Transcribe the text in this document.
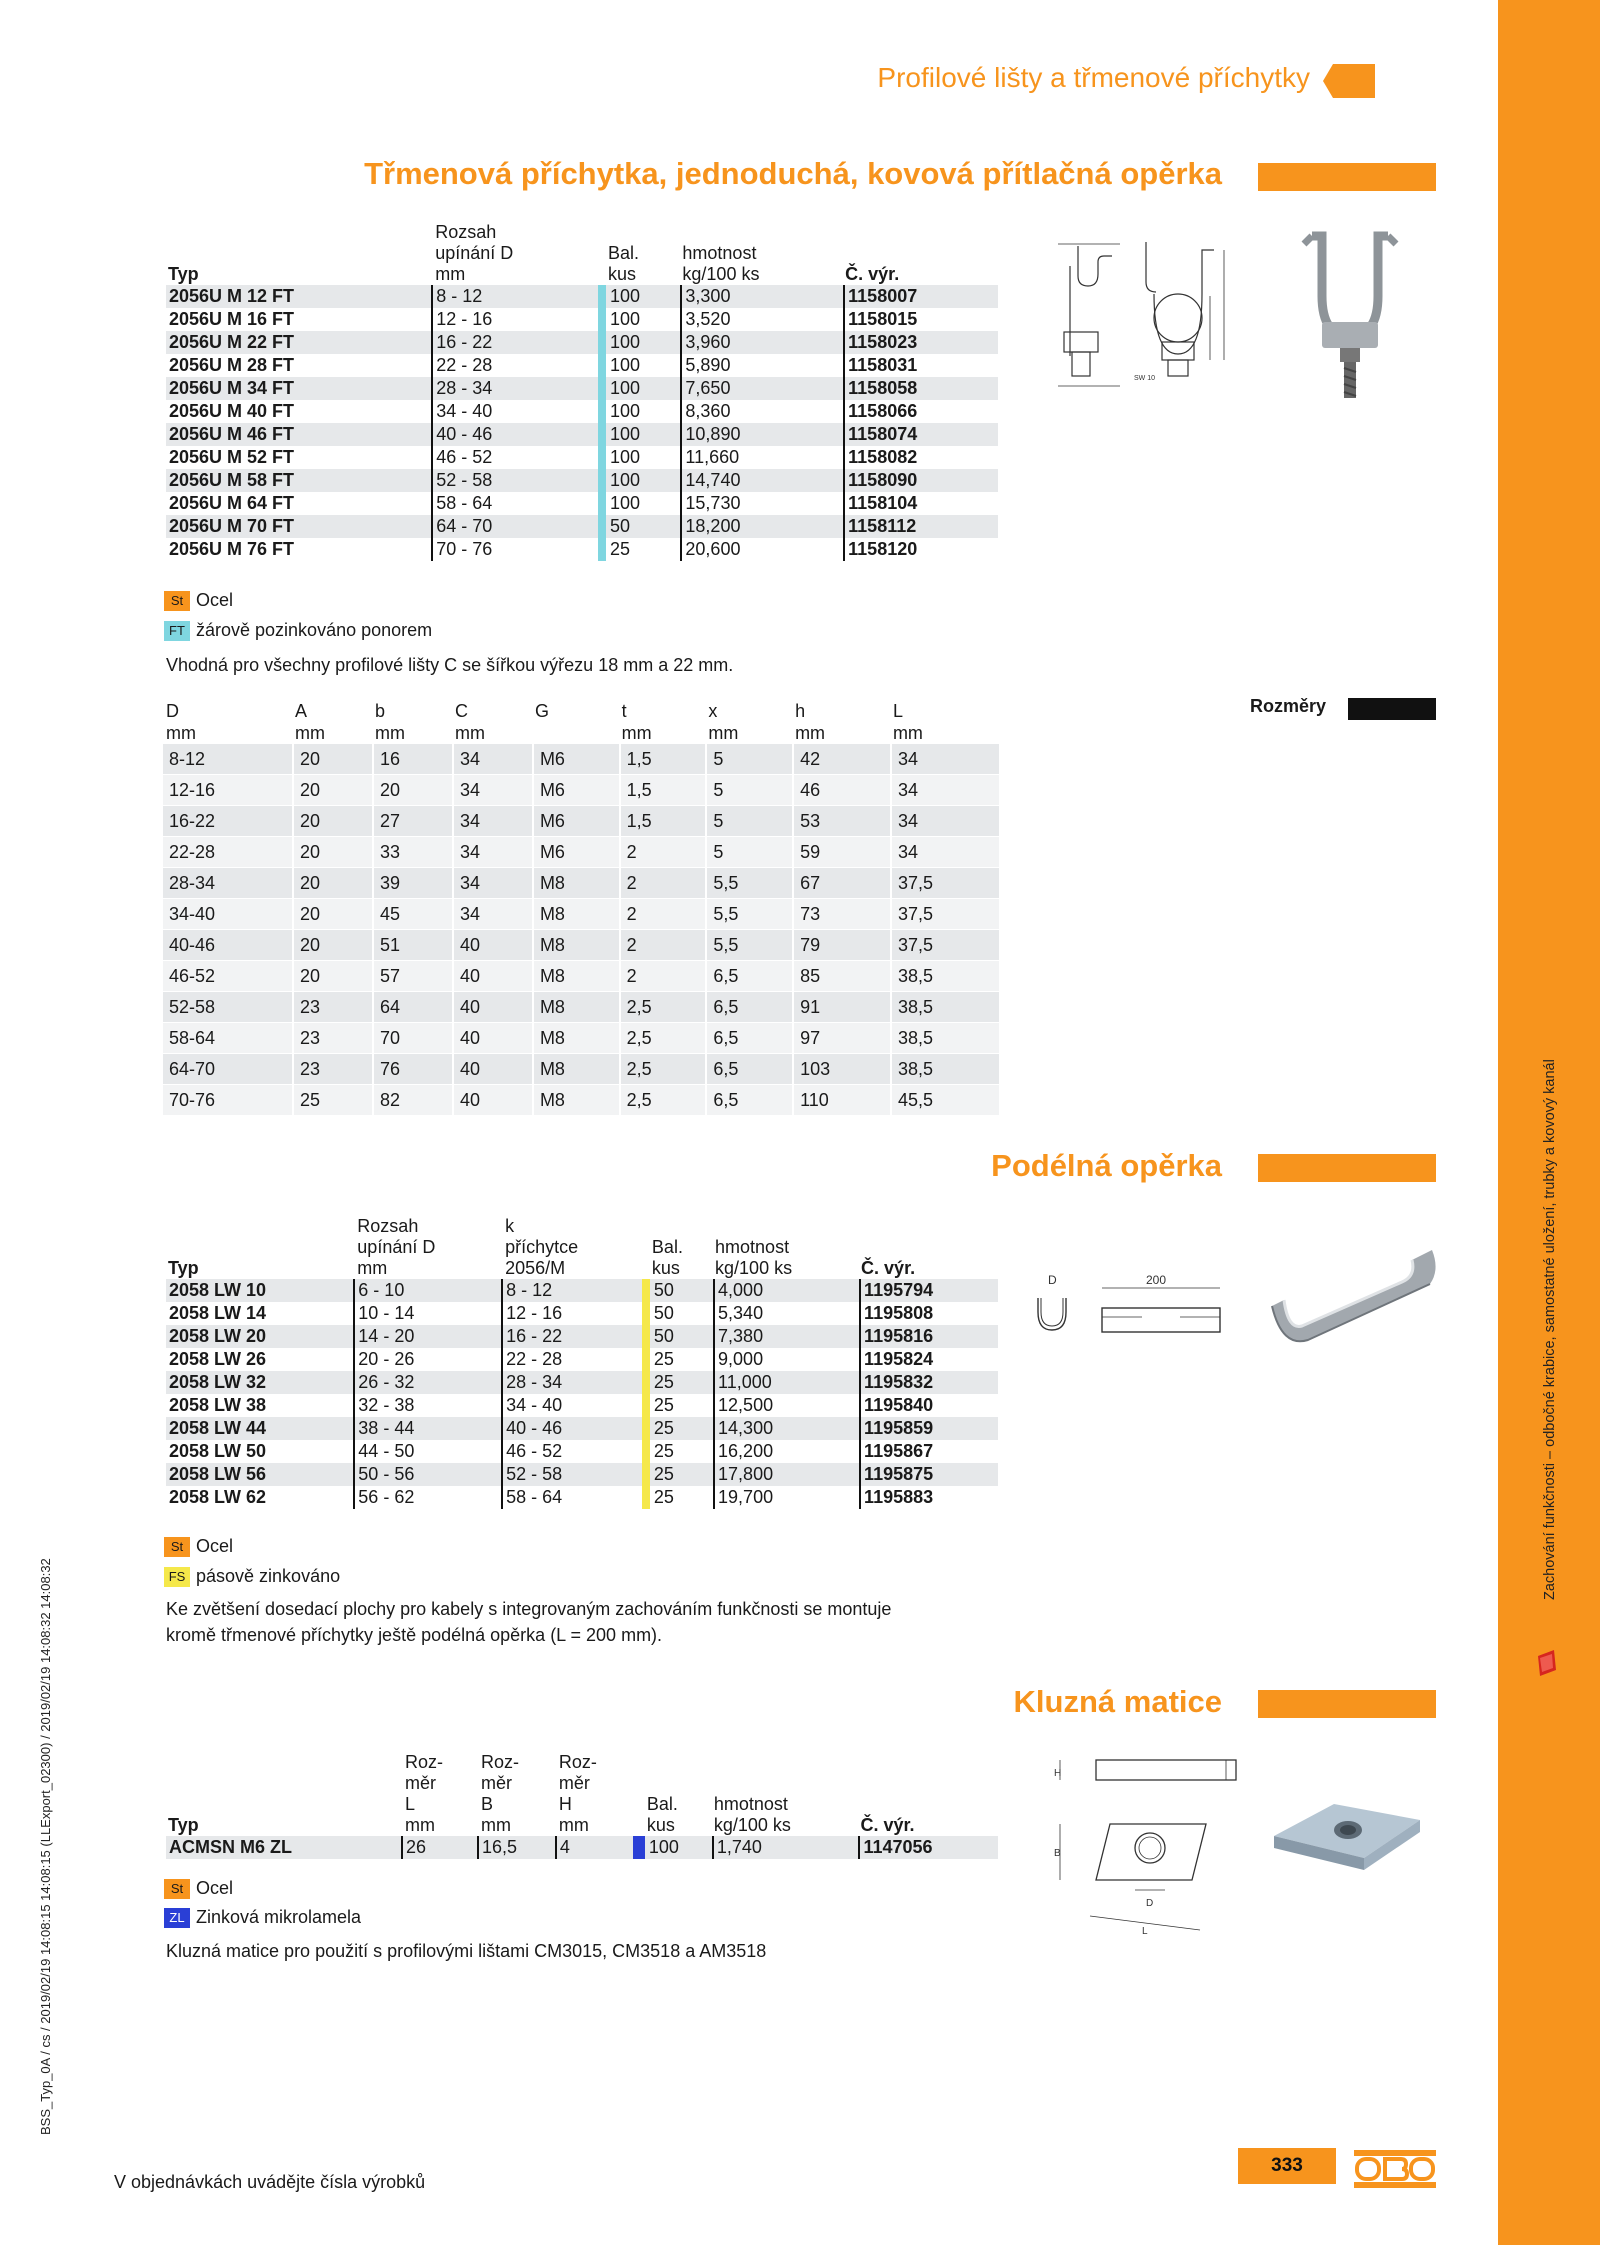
Zachování funkčnosti – odbočné krabice, samostatné uložení, trubky a kovový kanál
BSS_Typ_0A / cs / 2019/02/19 14:08:15 14:08:15 (LLExport_02300) / 2019/02/19 14:08:32 14:08:32
Profilové lišty a třmenové příchytky
Třmenová příchytka, jednoduchá, kovová přítlačná opěrka
	Rozsah				
	upínání D		Bal.	hmotnost	
Typ	mm		kus	kg/100 ks	Č. výr.
2056U M 12 FT	8 - 12		100	3,300	1158007
2056U M 16 FT	12 - 16		100	3,520	1158015
2056U M 22 FT	16 - 22		100	3,960	1158023
2056U M 28 FT	22 - 28		100	5,890	1158031
2056U M 34 FT	28 - 34		100	7,650	1158058
2056U M 40 FT	34 - 40		100	8,360	1158066
2056U M 46 FT	40 - 46		100	10,890	1158074
2056U M 52 FT	46 - 52		100	11,660	1158082
2056U M 58 FT	52 - 58		100	14,740	1158090
2056U M 64 FT	58 - 64		100	15,730	1158104
2056U M 70 FT	64 - 70		50	18,200	1158112
2056U M 76 FT	70 - 76		25	20,600	1158120
St Ocel
FT žárově pozinkováno ponorem
Vhodná pro všechny profilové lišty C se šířkou výřezu 18 mm a 22 mm.
SW 10
Rozměry
D	A	b	C	G	t	x	h	L
mm	mm	mm	mm		mm	mm	mm	mm
8-12	20	16	34	M6	1,5	5	42	34
12-16	20	20	34	M6	1,5	5	46	34
16-22	20	27	34	M6	1,5	5	53	34
22-28	20	33	34	M6	2	5	59	34
28-34	20	39	34	M8	2	5,5	67	37,5
34-40	20	45	34	M8	2	5,5	73	37,5
40-46	20	51	40	M8	2	5,5	79	37,5
46-52	20	57	40	M8	2	6,5	85	38,5
52-58	23	64	40	M8	2,5	6,5	91	38,5
58-64	23	70	40	M8	2,5	6,5	97	38,5
64-70	23	76	40	M8	2,5	6,5	103	38,5
70-76	25	82	40	M8	2,5	6,5	110	45,5
Podélná opěrka
	Rozsah	k				
	upínání D	příchytce		Bal.	hmotnost	
Typ	mm	2056/M		kus	kg/100 ks	Č. výr.
2058 LW 10	6 - 10	8 - 12		50	4,000	1195794
2058 LW 14	10 - 14	12 - 16		50	5,340	1195808
2058 LW 20	14 - 20	16 - 22		50	7,380	1195816
2058 LW 26	20 - 26	22 - 28		25	9,000	1195824
2058 LW 32	26 - 32	28 - 34		25	11,000	1195832
2058 LW 38	32 - 38	34 - 40		25	12,500	1195840
2058 LW 44	38 - 44	40 - 46		25	14,300	1195859
2058 LW 50	44 - 50	46 - 52		25	16,200	1195867
2058 LW 56	50 - 56	52 - 58		25	17,800	1195875
2058 LW 62	56 - 62	58 - 64		25	19,700	1195883
St Ocel
FS pásově zinkováno
Ke zvětšení dosedací plochy pro kabely s integrovaným zachováním funkčnosti se montuje
kromě třmenové příchytky ještě podélná opěrka (L = 200 mm).
D	200
Kluzná matice
	Roz-	Roz-	Roz-				
	měr	měr	měr				
	L	B	H		Bal.	hmotnost	
Typ	mm	mm	mm		kus	kg/100 ks	Č. výr.
ACMSN M6 ZL	26	16,5	4		100	1,740	1147056
St Ocel
ZL Zinková mikrolamela
Kluzná matice pro použití s profilovými lištami CM3015, CM3518 a AM3518
H
B
D
L
V objednávkách uvádějte čísla výrobků
333
